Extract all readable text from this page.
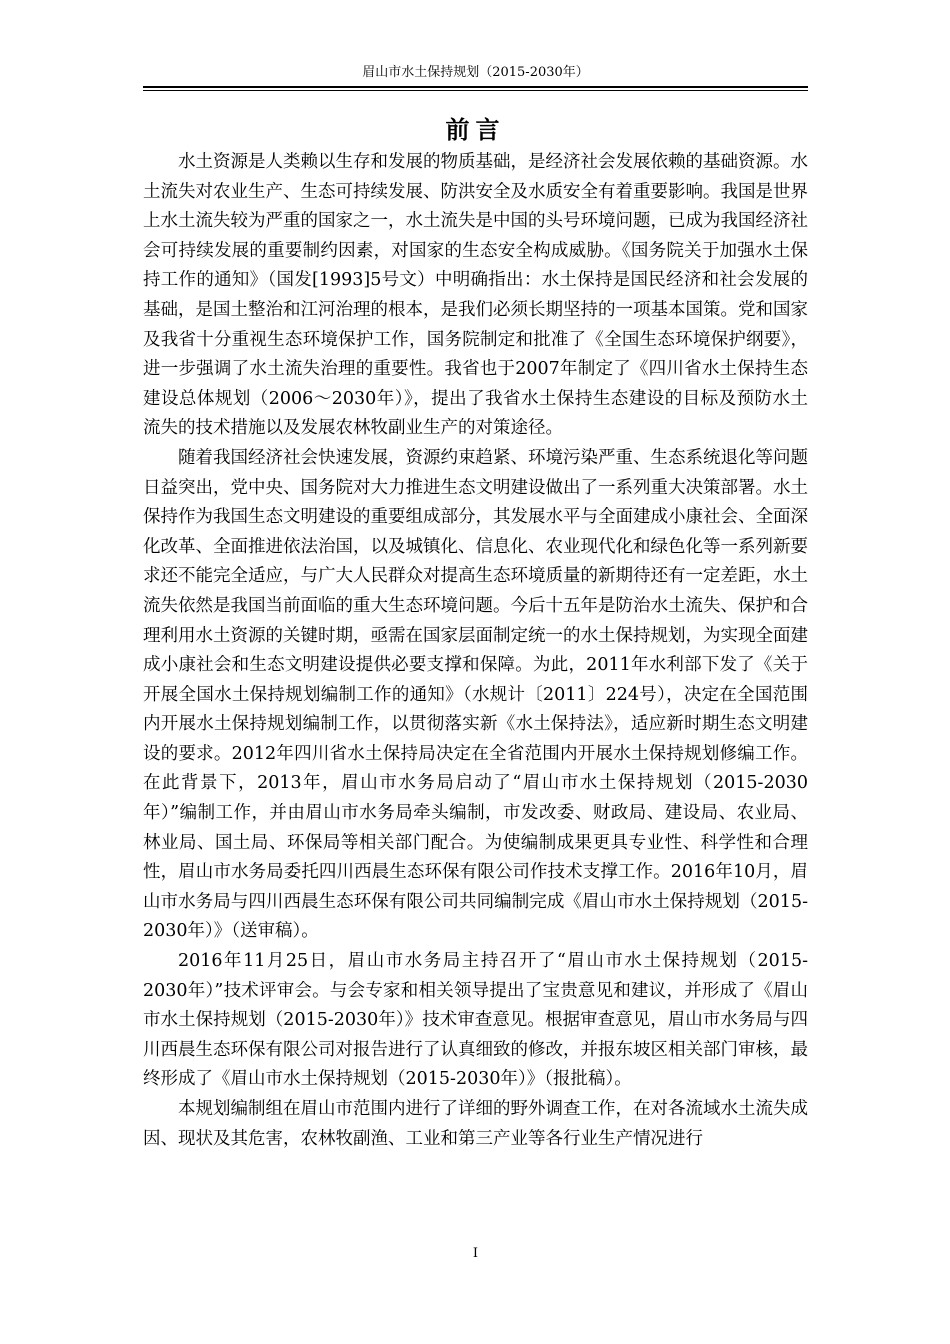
眉山市水土保持规划（2015-2030年）
前言

水土资源是人类赖以生存和发展的物质基础，是经济社会发展依赖的基础资源。水土流失对农业生产、生态可持续发展、防洪安全及水质安全有着重要影响。我国是世界上水土流失较为严重的国家之一，水土流失是中国的头号环境问题，已成为我国经济社会可持续发展的重要制约因素，对国家的生态安全构成威胁。《国务院关于加强水土保持工作的通知》（国发[1993]5号文）中明确指出：水土保持是国民经济和社会发展的基础，是国土整治和江河治理的根本，是我们必须长期坚持的一项基本国策。党和国家及我省十分重视生态环境保护工作，国务院制定和批准了《全国生态环境保护纲要》，进一步强调了水土流失治理的重要性。我省也于2007年制定了《四川省水土保持生态建设总体规划（2006～2030年）》，提出了我省水土保持生态建设的目标及预防水土流失的技术措施以及发展农林牧副业生产的对策途径。

随着我国经济社会快速发展，资源约束趋紧、环境污染严重、生态系统退化等问题日益突出，党中央、国务院对大力推进生态文明建设做出了一系列重大决策部署。水土保持作为我国生态文明建设的重要组成部分，其发展水平与全面建成小康社会、全面深化改革、全面推进依法治国，以及城镇化、信息化、农业现代化和绿色化等一系列新要求还不能完全适应，与广大人民群众对提高生态环境质量的新期待还有一定差距，水土流失依然是我国当前面临的重大生态环境问题。今后十五年是防治水土流失、保护和合理利用水土资源的关键时期，亟需在国家层面制定统一的水土保持规划，为实现全面建成小康社会和生态文明建设提供必要支撑和保障。为此，2011年水利部下发了《关于开展全国水土保持规划编制工作的通知》（水规计〔2011〕224号），决定在全国范围内开展水土保持规划编制工作，以贯彻落实新《水土保持法》，适应新时期生态文明建设的要求。2012年四川省水土保持局决定在全省范围内开展水土保持规划修编工作。在此背景下，2013年，眉山市水务局启动了“眉山市水土保持规划（2015-2030年）”编制工作，并由眉山市水务局牵头编制，市发改委、财政局、建设局、农业局、林业局、国土局、环保局等相关部门配合。为使编制成果更具专业性、科学性和合理性，眉山市水务局委托四川西晨生态环保有限公司作技术支撑工作。2016年10月，眉山市水务局与四川西晨生态环保有限公司共同编制完成《眉山市水土保持规划（2015-2030年）》（送审稿）。

2016年11月25日，眉山市水务局主持召开了“眉山市水土保持规划（2015-2030年）”技术评审会。与会专家和相关领导提出了宝贵意见和建议，并形成了《眉山市水土保持规划（2015-2030年）》技术审查意见。根据审查意见，眉山市水务局与四川西晨生态环保有限公司对报告进行了认真细致的修改，并报东坡区相关部门审核，最终形成了《眉山市水土保持规划（2015-2030年）》（报批稿）。

本规划编制组在眉山市范围内进行了详细的野外调查工作，在对各流域水土流失成因、现状及其危害，农林牧副渔、工业和第三产业等各行业生产情况进行

I
